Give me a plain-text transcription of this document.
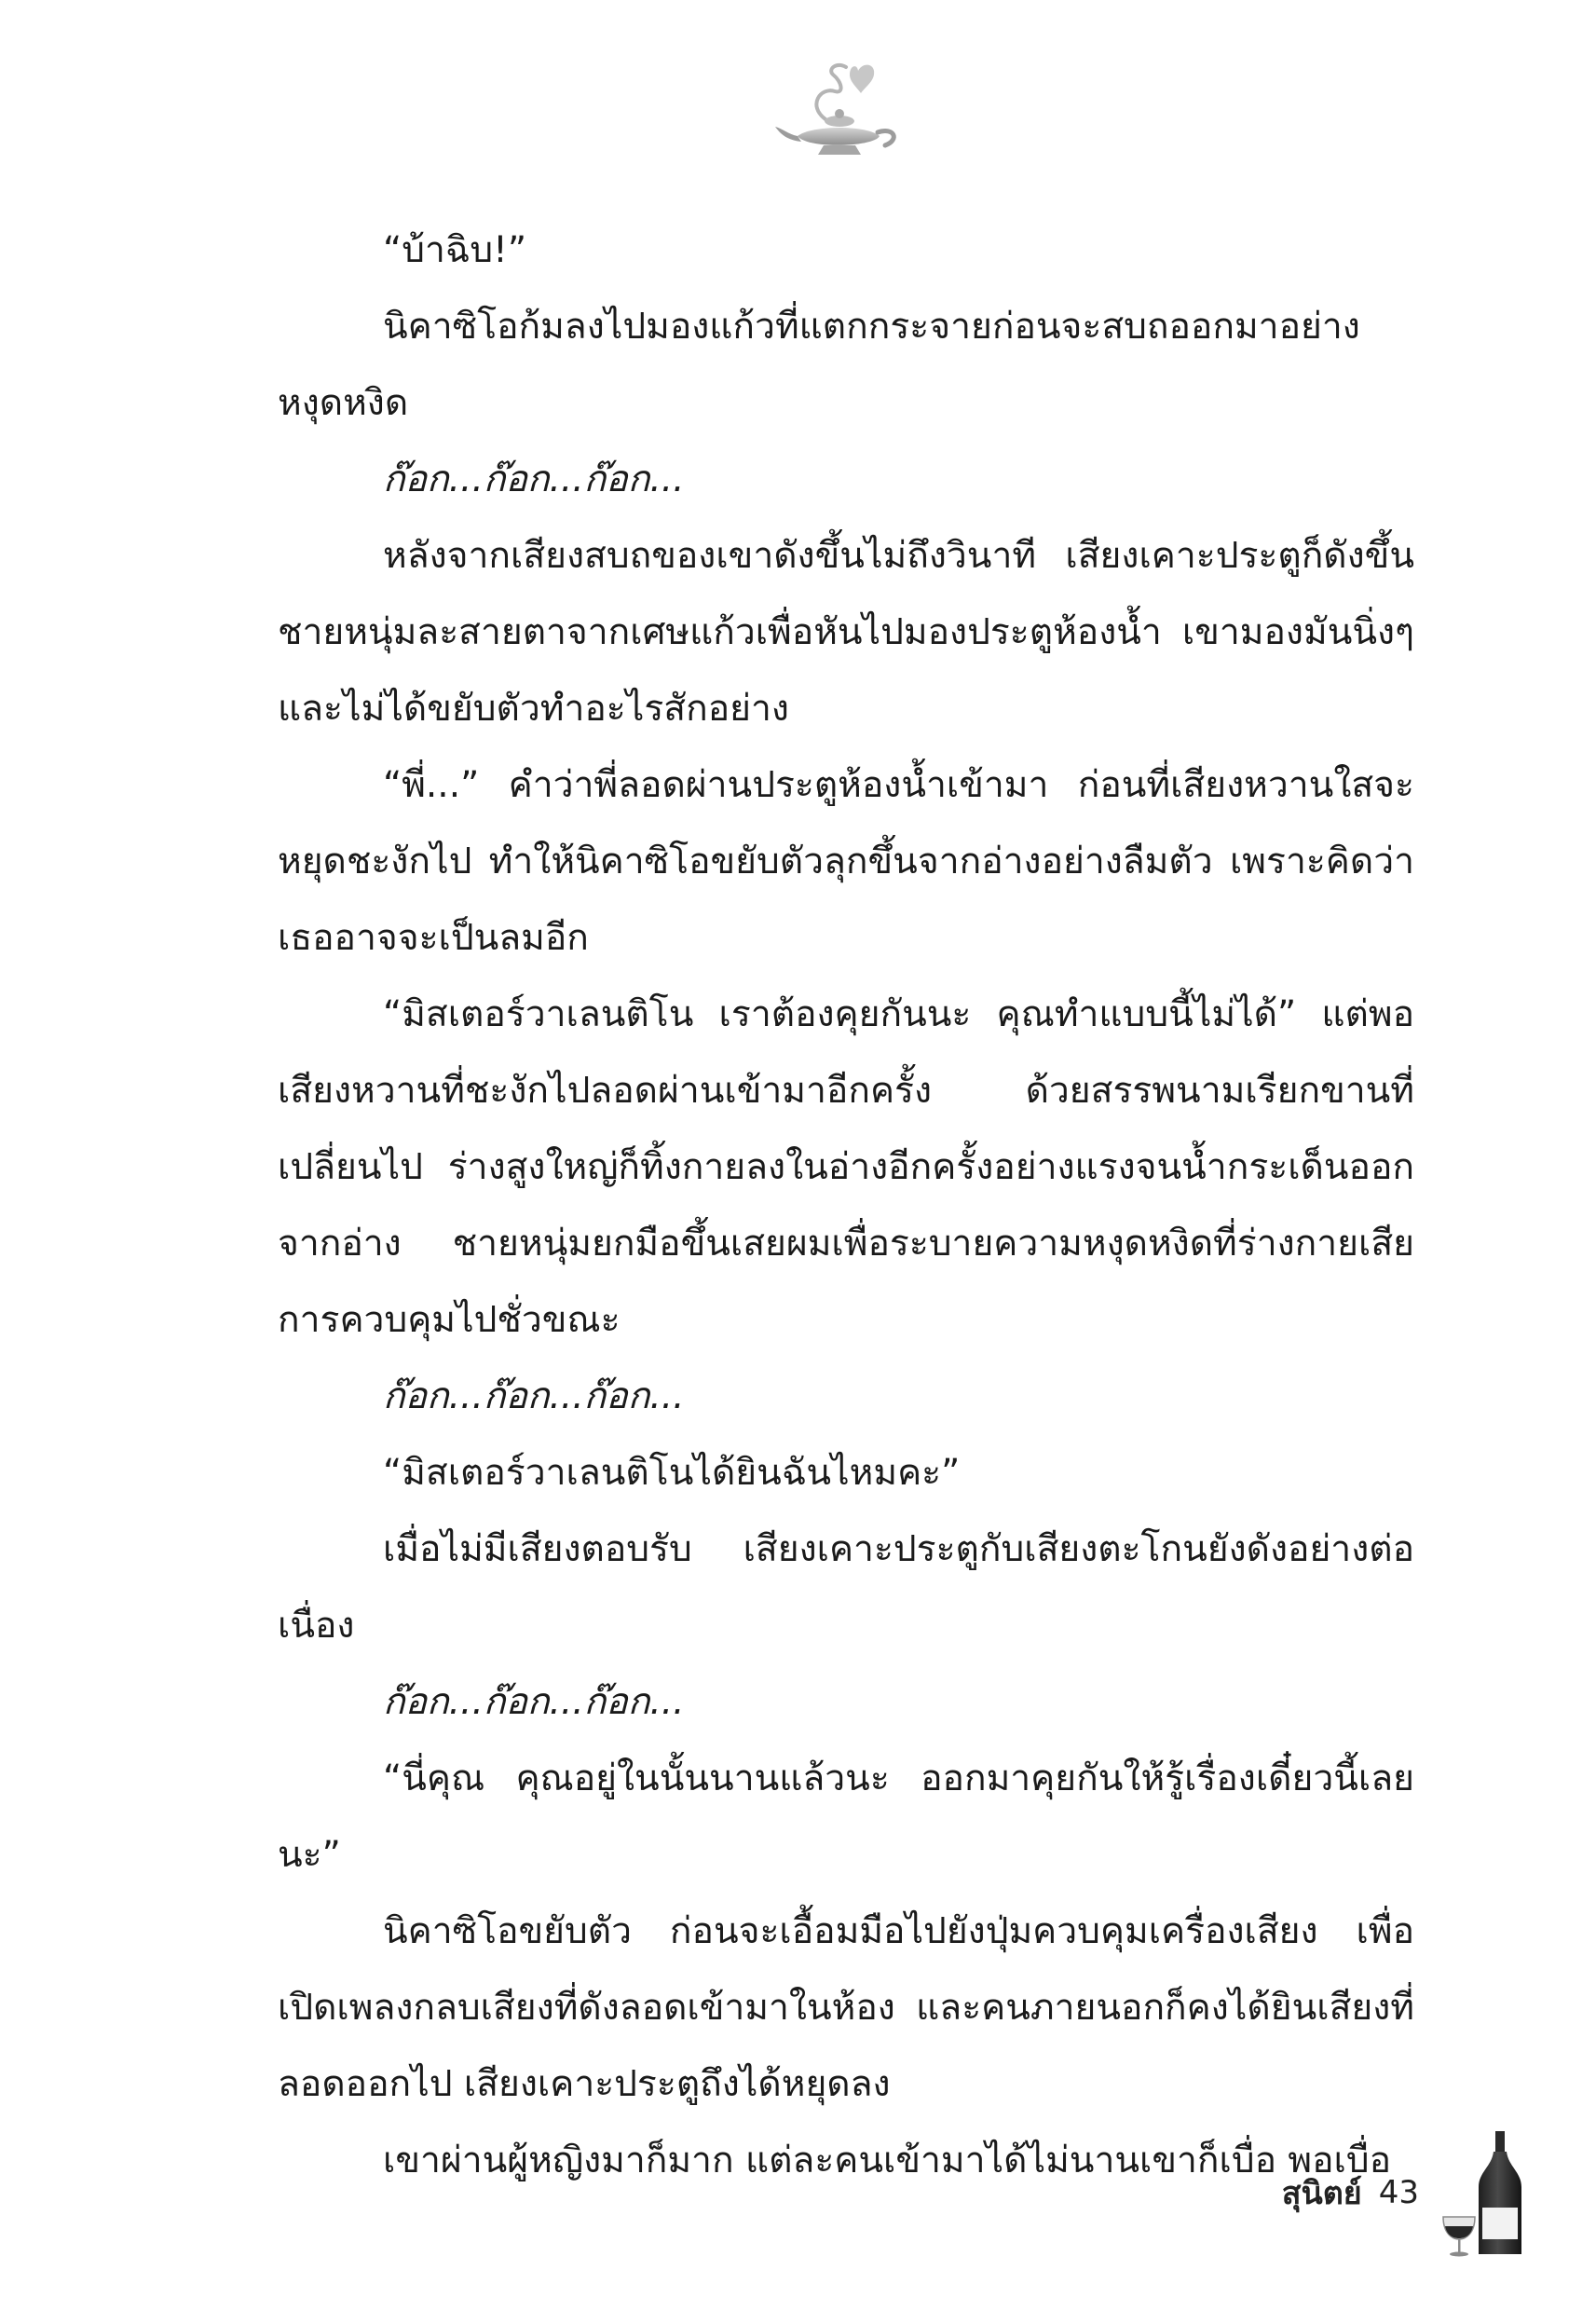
“บ้าฉิบ!”

นิคาซิโอก้มลงไปมองแก้วที่แตกกระจายก่อนจะสบถออกมาอย่างหงุดหงิด

ก๊อก...ก๊อก...ก๊อก...

หลังจากเสียงสบถของเขาดังขึ้นไม่ถึงวินาที เสียงเคาะประตูก็ดังขึ้น ชายหนุ่มละสายตาจากเศษแก้วเพื่อหันไปมองประตูห้องน้ำ เขามองมันนิ่งๆ และไม่ได้ขยับตัวทำอะไรสักอย่าง

“พี่...” คำว่าพี่ลอดผ่านประตูห้องน้ำเข้ามา ก่อนที่เสียงหวานใสจะหยุดชะงักไป ทำให้นิคาซิโอขยับตัวลุกขึ้นจากอ่างอย่างลืมตัว เพราะคิดว่าเธออาจจะเป็นลมอีก

“มิสเตอร์วาเลนติโน เราต้องคุยกันนะ คุณทำแบบนี้ไม่ได้” แต่พอเสียงหวานที่ชะงักไปลอดผ่านเข้ามาอีกครั้ง ด้วยสรรพนามเรียกขานที่เปลี่ยนไป ร่างสูงใหญ่ก็ทิ้งกายลงในอ่างอีกครั้งอย่างแรงจนน้ำกระเด็นออกจากอ่าง ชายหนุ่มยกมือขึ้นเสยผมเพื่อระบายความหงุดหงิดที่ร่างกายเสียการควบคุมไปชั่วขณะ

ก๊อก...ก๊อก...ก๊อก...

“มิสเตอร์วาเลนติโนได้ยินฉันไหมคะ”

เมื่อไม่มีเสียงตอบรับ เสียงเคาะประตูกับเสียงตะโกนยังดังอย่างต่อเนื่อง

ก๊อก...ก๊อก...ก๊อก...

“นี่คุณ คุณอยู่ในนั้นนานแล้วนะ ออกมาคุยกันให้รู้เรื่องเดี๋ยวนี้เลยนะ”

นิคาซิโอขยับตัว ก่อนจะเอื้อมมือไปยังปุ่มควบคุมเครื่องเสียง เพื่อเปิดเพลงกลบเสียงที่ดังลอดเข้ามาในห้อง และคนภายนอกก็คงได้ยินเสียงที่ลอดออกไป เสียงเคาะประตูถึงได้หยุดลง

เขาผ่านผู้หญิงมาก็มาก แต่ละคนเข้ามาได้ไม่นานเขาก็เบื่อ พอเบื่อ

สุนิตย์ 43
